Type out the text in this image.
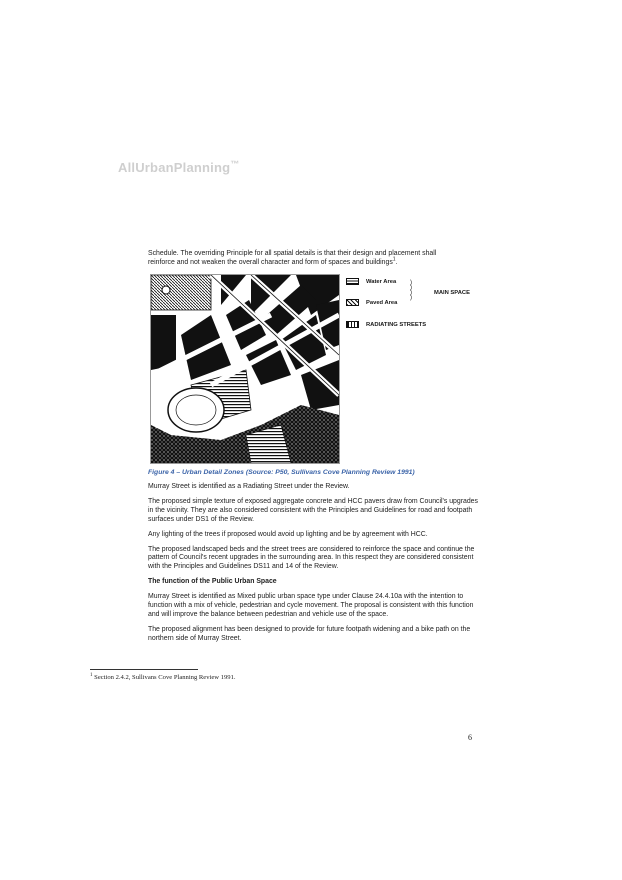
AllUrbanPlanning™
Schedule. The overriding Principle for all spatial details is that their design and placement shall
reinforce and not weaken the overall character and form of spaces and buildings$^1$.
Water Area )
)
)
)
MAIN SPACE
Paved Area
RADIATING STREETS
Figure 4 – Urban Detail Zones (Source: P50, Sullivans Cove Planning Review 1991)

Murray Street is identified as a Radiating Street under the Review.

The proposed simple texture of exposed aggregate concrete and HCC pavers draw from Council's upgrades in the vicinity. They are also considered consistent with the Principles and Guidelines for road and footpath surfaces under DS1 of the Review.

Any lighting of the trees if proposed would avoid up lighting and be by agreement with HCC.

The proposed landscaped beds and the street trees are considered to reinforce the space and continue the pattern of Council's recent upgrades in the surrounding area. In this respect they are considered consistent with the Principles and Guidelines DS11 and 14 of the Review.

The function of the Public Urban Space

Murray Street is identified as Mixed public urban space type under Clause 24.4.10a with the intention to function with a mix of vehicle, pedestrian and cycle movement. The proposal is consistent with this function and will improve the balance between pedestrian and vehicle use of the space.

The proposed alignment has been designed to provide for future footpath widening and a bike path on the northern side of Murray Street.

$^1$ Section 2.4.2, Sullivans Cove Planning Review 1991.
6
